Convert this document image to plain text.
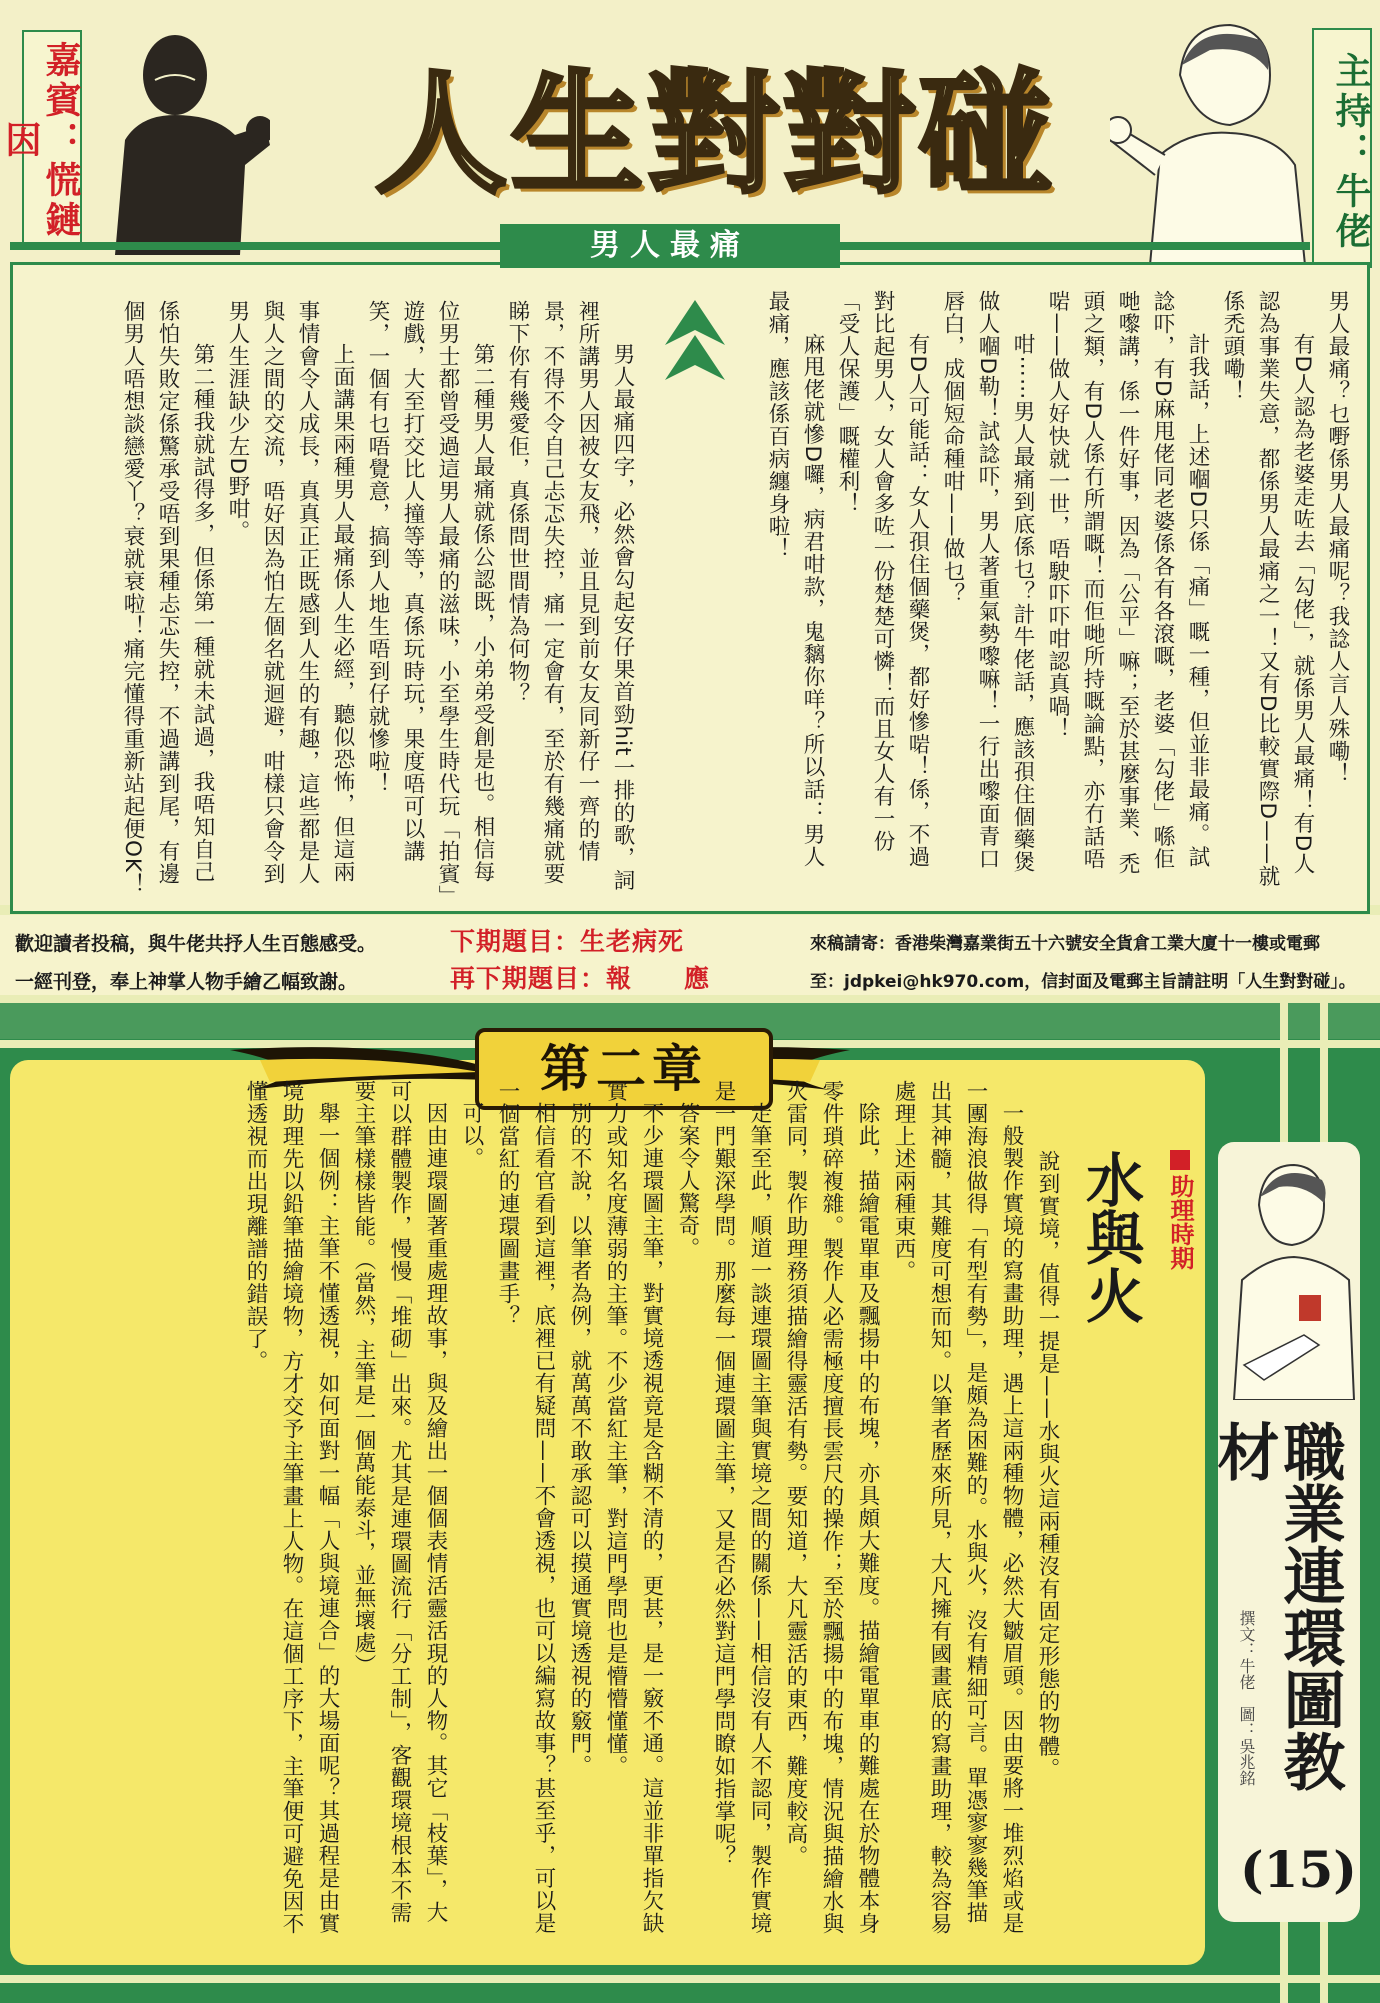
嘉賓：慌鏈因	主持：牛佬
人生對對碰
男人最痛

男人最痛？乜嘢係男人最痛呢？我諗人言人殊嘞！

有D人認為老婆走咗去「勾佬」，就係男人最痛！有D人認為事業失意，都係男人最痛之一！又有D比較實際D——就係禿頭嘞！

計我話，上述嗰D只係「痛」嘅一種，但並非最痛。試諗吓，有D麻甩佬同老婆係各有各滾嘅，老婆「勾佬」喺佢哋嚟講，係一件好事，因為「公平」嘛；至於甚麼事業、禿頭之類，有D人係冇所謂嘅！而佢哋所持嘅論點，亦冇話唔啱——做人好快就一世，唔駛吓吓咁認真喎！

咁⋯⋯男人最痛到底係乜？計牛佬話，應該孭住個藥煲做人嗰D勒！試諗吓，男人著重氣勢嚟嘛！一行出嚟面青口唇白，成個短命種咁——做乜？

有D人可能話：女人孭住個藥煲，都好慘啱！係，不過對比起男人，女人會多咗一份楚楚可憐！而且女人有一份「受人保護」嘅權利！

麻甩佬就慘D囉，病君咁款，鬼黐你咩？所以話：男人最痛，應該係百病纏身啦！

男人最痛四字，必然會勾起安仔果首勁hit一排的歌，詞裡所講男人因被女友飛，並且見到前女友同新仔一齊的情景，不得不令自己忐忑失控，痛一定會有，至於有幾痛就要睇下你有幾愛佢，真係問世間情為何物？

第二種男人最痛就係公認既，小弟弟受創是也。相信每位男士都曾受過這男人最痛的滋味，小至學生時代玩「拍賓」遊戲，大至打交比人撞等等，真係玩時玩，果度唔可以講笑，一個有乜唔覺意，搞到人地生唔到仔就慘啦！

上面講果兩種男人最痛係人生必經，聽似恐怖，但這兩事情會令人成長，真真正正既感到人生的有趣，這些都是人與人之間的交流，唔好因為怕左個名就迴避，咁樣只會令到男人生涯缺少左D野咁。

第二種我就試得多，但係第一種就未試過，我唔知自己係怕失敗定係驚承受唔到果種忐忑失控，不過講到尾，有邊個男人唔想談戀愛丫？衰就衰啦！痛完懂得重新站起便OK！

歡迎讀者投稿，與牛佬共抒人生百態感受。
一經刊登，奉上神掌人物手繪乙幅致謝。
下期題目：生老病死
再下期題目：報　　應
來稿請寄：香港柴灣嘉業街五十六號安全貨倉工業大廈十一樓或電郵
至：jdpkei@hk970.com，信封面及電郵主旨請註明「人生對對碰」。
第二章
助理時期
水與火

說到實境，值得一提是——水與火這兩種沒有固定形態的物體。

一般製作實境的寫畫助理，遇上這兩種物體，必然大皺眉頭。因由要將一堆烈焰或是一團海浪做得「有型有勢」，是頗為困難的。水與火，沒有精細可言。單憑寥寥幾筆描出其神髓，其難度可想而知。以筆者歷來所見，大凡擁有國畫底的寫畫助理，較為容易處理上述兩種東西。

除此，描繪電單車及飄揚中的布塊，亦具頗大難度。描繪電單車的難處在於物體本身零件瑣碎複雜。製作人必需極度擅長雲尺的操作；至於飄揚中的布塊，情況與描繪水與火雷同，製作助理務須描繪得靈活有勢。要知道，大凡靈活的東西，難度較高。

走筆至此，順道一談連環圖主筆與實境之間的關係——相信沒有人不認同，製作實境是一門艱深學問。那麼每一個連環圖主筆，又是否必然對這門學問瞭如指掌呢？

答案令人驚奇。

不少連環圖主筆，對實境透視竟是含糊不清的，更甚，是一竅不通。這並非單指欠缺實力或知名度薄弱的主筆。不少當紅主筆，對這門學問也是懵懵懂懂。

別的不說，以筆者為例，就萬萬不敢承認可以摸通實境透視的竅門。

相信看官看到這裡，底裡已有疑問——不會透視，也可以編寫故事？甚至乎，可以是一個當紅的連環圖畫手？

可以。

因由連環圖著重處理故事，與及繪出一個個表情活靈活現的人物。其它「枝葉」，大可以群體製作，慢慢「堆砌」出來。尤其是連環圖流行「分工制」，客觀環境根本不需要主筆樣樣皆能。（當然，主筆是一個萬能泰斗，並無壞處）

舉一個例：主筆不懂透視，如何面對一幅「人與境連合」的大場面呢？其過程是由實境助理先以鉛筆描繪境物，方才交予主筆畫上人物。在這個工序下，主筆便可避免因不懂透視而出現離譜的錯誤了。

職業連環圖教材
撰文：牛佬　圖：吳兆銘
(15)
